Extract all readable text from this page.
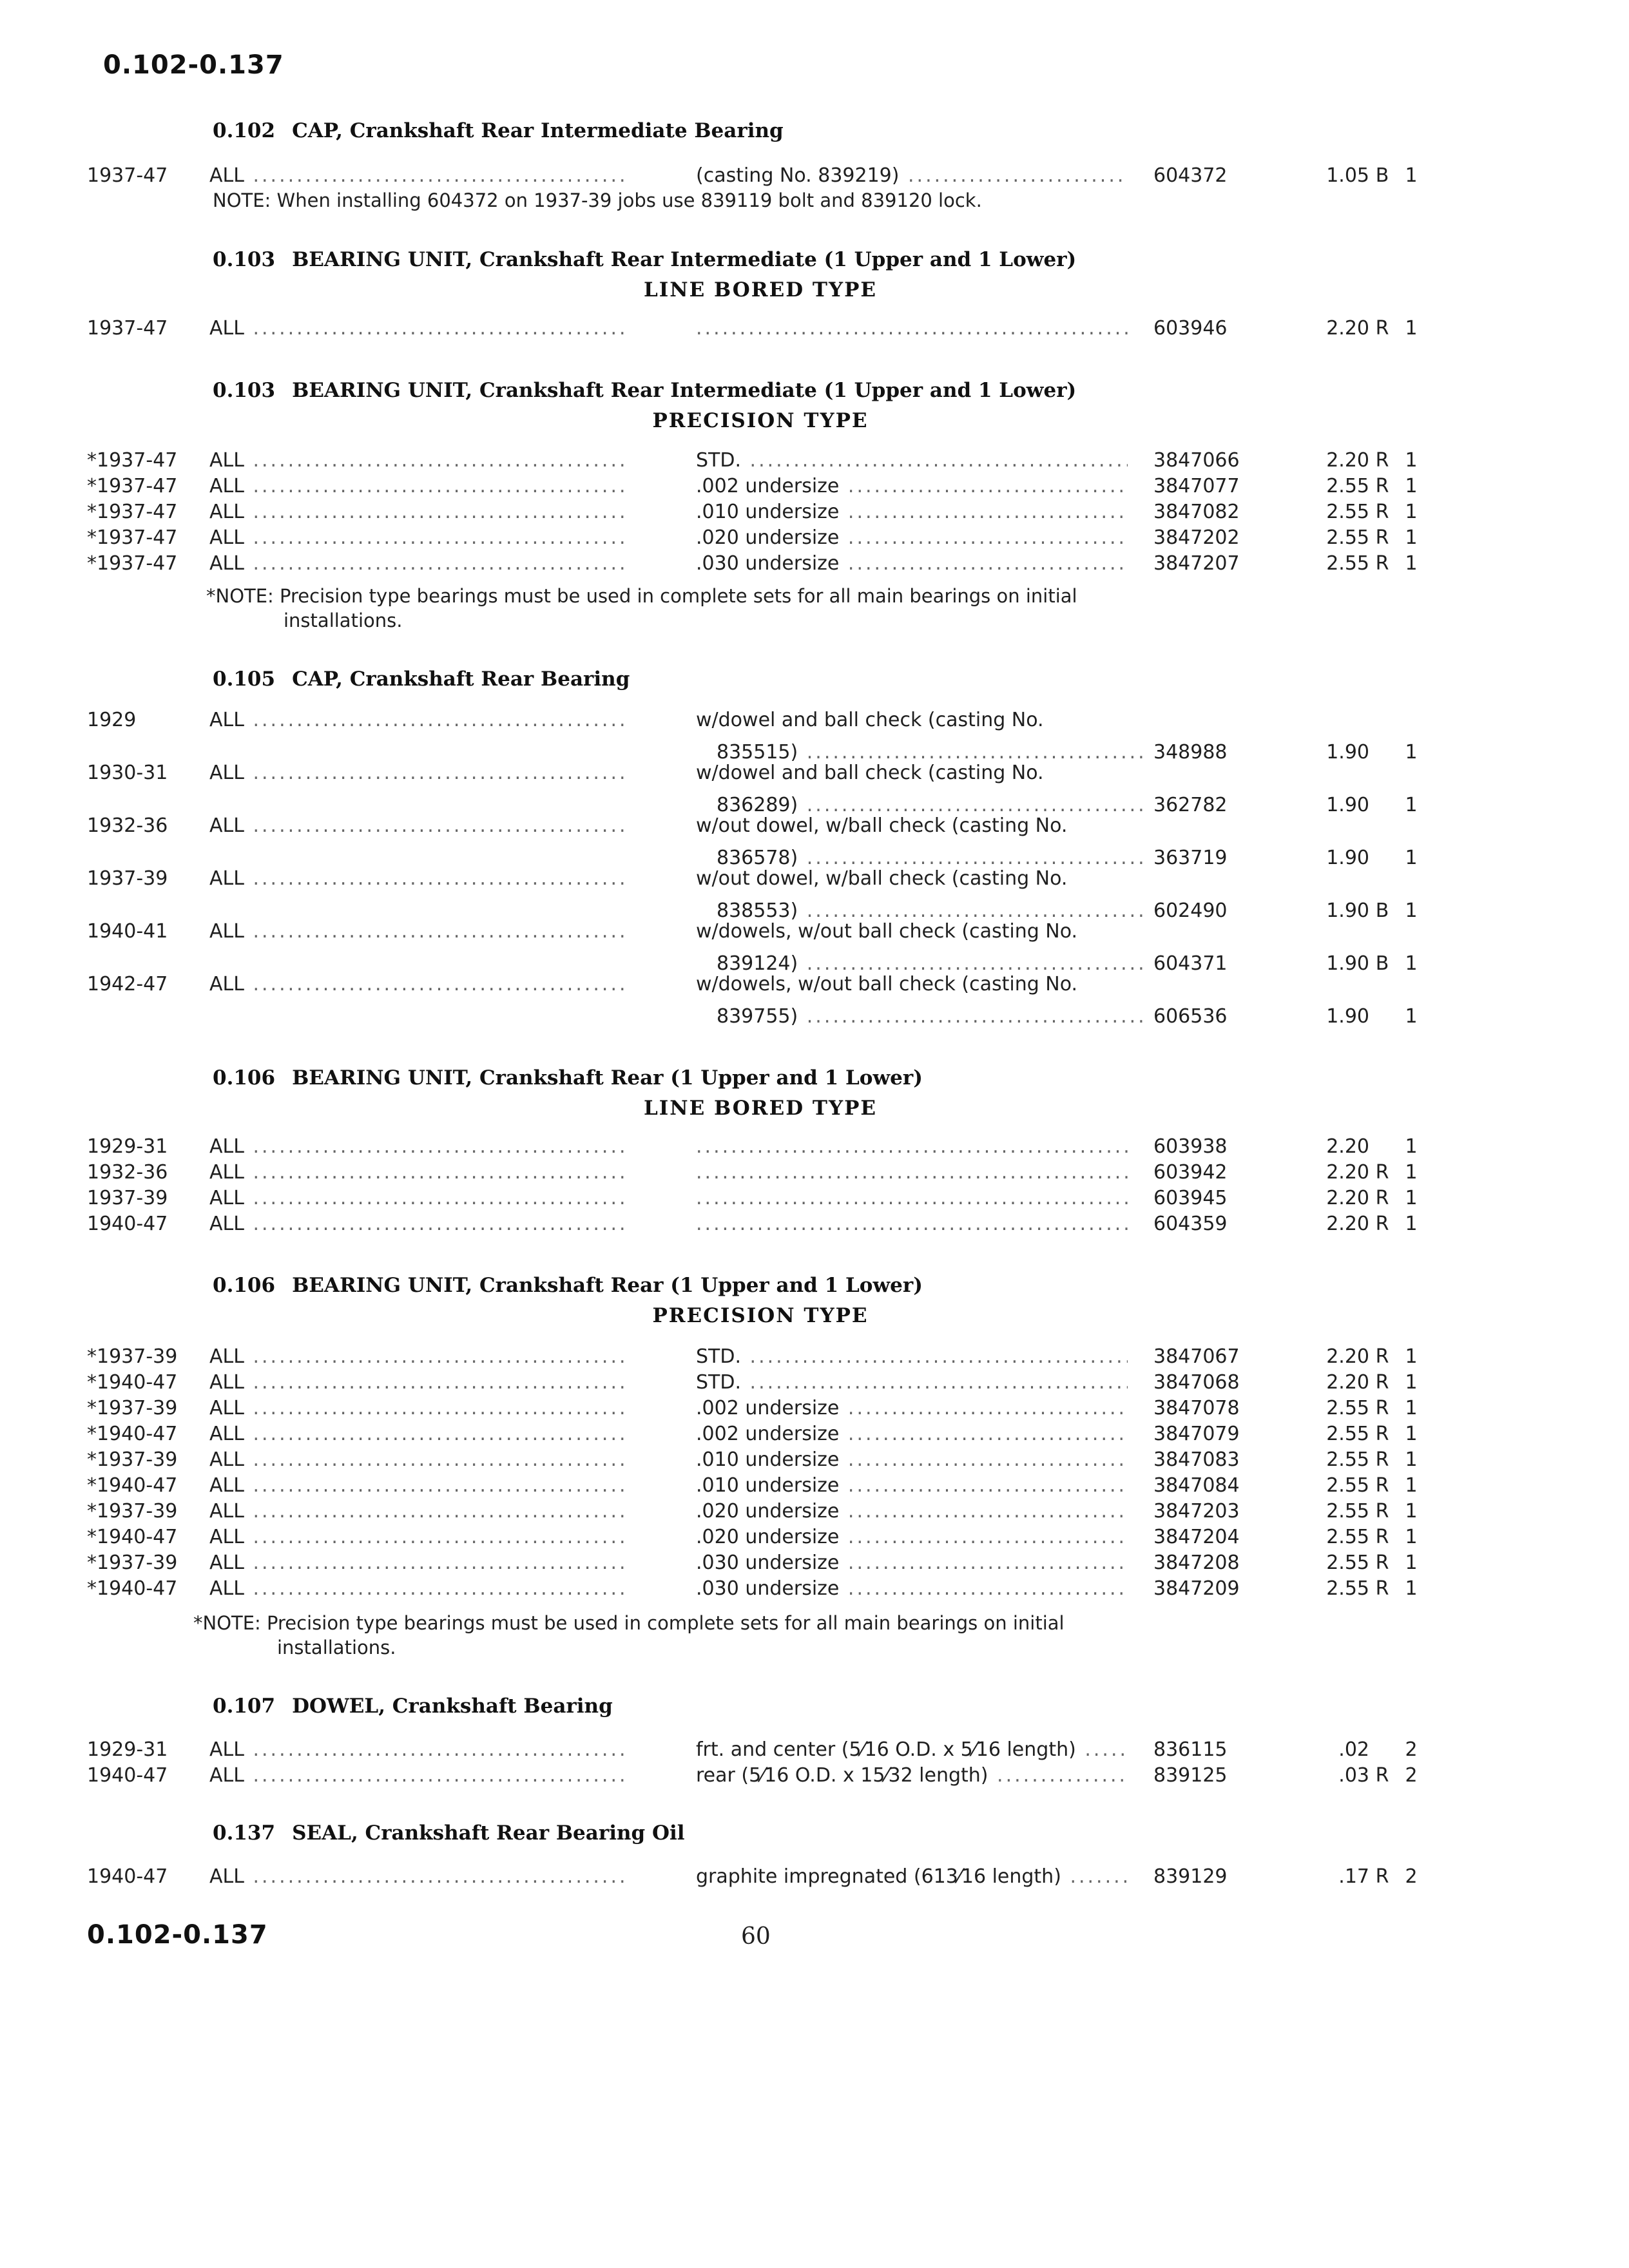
0.102-0.137
0.102 CAP, Crankshaft Rear Intermediate Bearing
1937-47 ALL .....	(casting No. 839219) .....	604372	1.05 B 1
NOTE: When installing 604372 on 1937-39 jobs use 839119 bolt and 839120 lock.
0.103 BEARING UNIT, Crankshaft Rear Intermediate (1 Upper and 1 Lower)
LINE BORED TYPE
1937-47 ALL ..... .....	603946	2.20 R 1
0.103 BEARING UNIT, Crankshaft Rear Intermediate (1 Upper and 1 Lower)
PRECISION TYPE
*1937-47 ALL .....	STD. .....	3847066	2.20 R 1
*1937-47 ALL .....	.002 undersize .....	3847077	2.55 R 1
*1937-47 ALL .....	.010 undersize .....	3847082	2.55 R 1
*1937-47 ALL .....	.020 undersize .....	3847202	2.55 R 1
*1937-47 ALL .....	.030 undersize .....	3847207	2.55 R 1
*NOTE: Precision type bearings must be used in complete sets for all main bearings on initial
installations.
0.105 CAP, Crankshaft Rear Bearing
1929	ALL .....	w/dowel and ball check (casting No.
835515) .....	348988	1.90 1
1930-31 ALL .....	w/dowel and ball check (casting No.
836289) .....	362782	1.90 1
1932-36 ALL .....	w/out dowel, w/ball check (casting No.
836578) .....	363719	1.90 1
1937-39 ALL .....	w/out dowel, w/ball check (casting No.
838553) .....	602490	1.90 B 1
1940-41 ALL .....	w/dowels, w/out ball check (casting No.
839124) .....	604371	1.90 B 1
1942-47 ALL .....	w/dowels, w/out ball check (casting No.
839755) .....	606536	1.90 1
0.106 BEARING UNIT, Crankshaft Rear (1 Upper and 1 Lower)
LINE BORED TYPE
1929-31 ALL ..... .....	603938	2.20 1
1932-36 ALL ..... .....	603942	2.20 R 1
1937-39 ALL ..... .....	603945	2.20 R 1
1940-47 ALL ..... .....	604359	2.20 R 1
0.106 BEARING UNIT, Crankshaft Rear (1 Upper and 1 Lower)
PRECISION TYPE
*1937-39 ALL .....	STD. .....	3847067	2.20 R 1
*1940-47 ALL .....	STD. .....	3847068	2.20 R 1
*1937-39 ALL .....	.002 undersize .....	3847078	2.55 R 1
*1940-47 ALL .....	.002 undersize .....	3847079	2.55 R 1
*1937-39 ALL .....	.010 undersize .....	3847083	2.55 R 1
*1940-47 ALL .....	.010 undersize .....	3847084	2.55 R 1
*1937-39 ALL .....	.020 undersize .....	3847203	2.55 R 1
*1940-47 ALL .....	.020 undersize .....	3847204	2.55 R 1
*1937-39 ALL .....	.030 undersize .....	3847208	2.55 R 1
*1940-47 ALL .....	.030 undersize .....	3847209	2.55 R 1
*NOTE: Precision type bearings must be used in complete sets for all main bearings on initial
installations.
0.107 DOWEL, Crankshaft Bearing
1929-31 ALL .....	frt. and center (5⁄16 O.D. x 5⁄16 length) .....	836115	.02 2
1940-47 ALL .....	rear (5⁄16 O.D. x 15⁄32 length) .....	839125	.03 R 2
0.137 SEAL, Crankshaft Rear Bearing Oil
1940-47 ALL .....	graphite impregnated (613⁄16 length) .....	839129	.17 R 2
0.102-0.137	60
